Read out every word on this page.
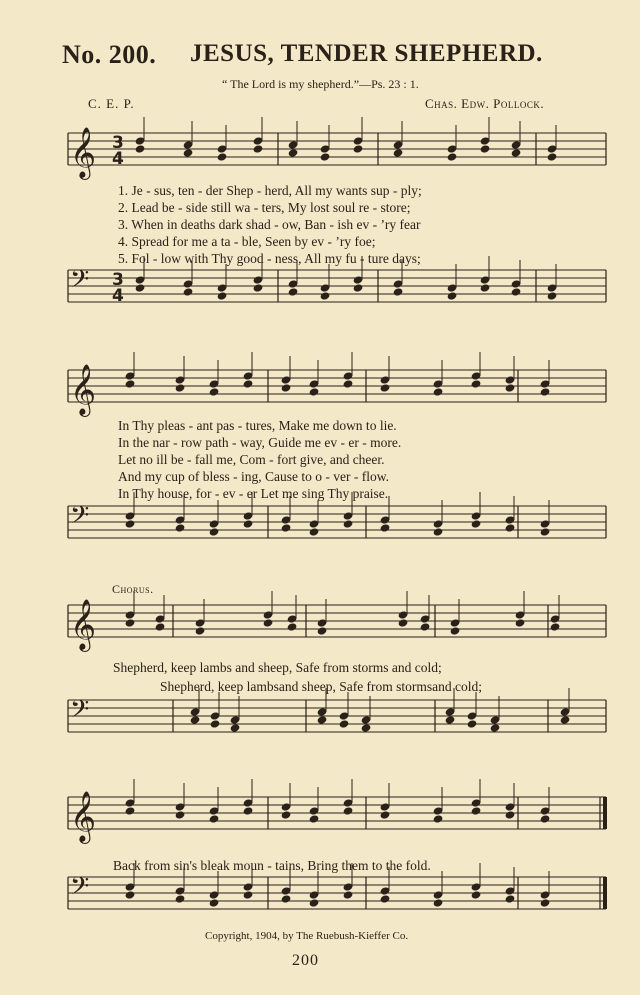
No. 200. JESUS, TENDER SHEPHERD.
“ The Lord is my shepherd.”—Ps. 23 : 1.
C. E. P.	Chas. Edw. Pollock.
𝄞
𝄢
𝄞
𝄢
𝄞
𝄢
𝄞
𝄢
3
4
3
4
1. Je - sus, ten - der Shep - herd, All my wants sup - ply;
2. Lead be - side still wa - ters, My lost soul re - store;
3. When in deaths dark shad - ow, Ban - ish ev - ’ry fear
4. Spread for me a ta - ble, Seen by ev - ’ry foe;
5. Fol - low with Thy good - ness, All my fu - ture days;
In Thy pleas - ant pas - tures, Make me down to lie.
In the nar - row path - way, Guide me ev - er - more.
Let no ill be - fall me, Com - fort give, and cheer.
And my cup of bless - ing, Cause to o - ver - flow.
In Thy house, for - ev - er Let me sing Thy praise.
Chorus.
Shepherd, keep lambs and sheep, Safe from storms and cold;
Shepherd, keep lambsand sheep, Safe from stormsand cold;
Back from sin's bleak moun - tains, Bring them to the fold.
Copyright, 1904, by The Ruebush-Kieffer Co.
200
